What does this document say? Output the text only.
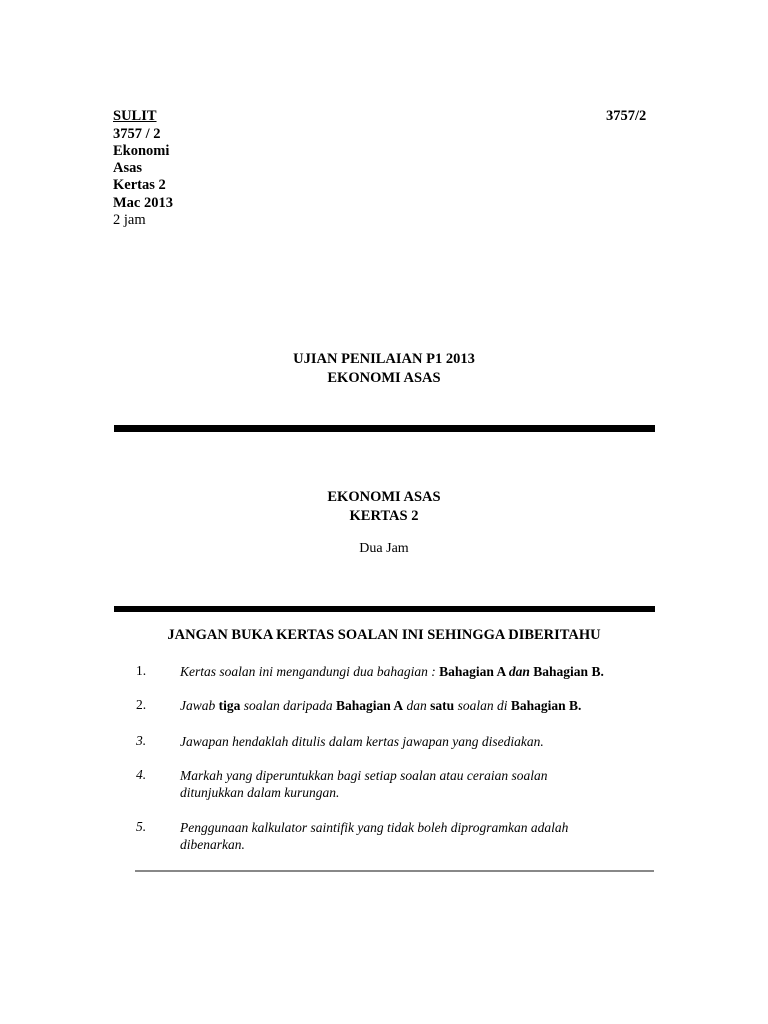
SULIT	3757/2
3757 / 2
Ekonomi
Asas
Kertas 2
Mac 2013
2 jam
UJIAN PENILAIAN P1 2013
EKONOMI ASAS
EKONOMI ASAS
KERTAS 2
Dua Jam
JANGAN BUKA KERTAS SOALAN INI SEHINGGA DIBERITAHU
1.	Kertas soalan ini mengandungi dua bahagian : Bahagian A dan Bahagian B.
2.	Jawab tiga soalan daripada Bahagian A dan satu soalan di Bahagian B.
3.	Jawapan hendaklah ditulis dalam kertas jawapan yang disediakan.
4.	Markah yang diperuntukkan bagi setiap soalan atau ceraian soalan
ditunjukkan dalam kurungan.
5.	Penggunaan kalkulator saintifik yang tidak boleh diprogramkan adalah
dibenarkan.
